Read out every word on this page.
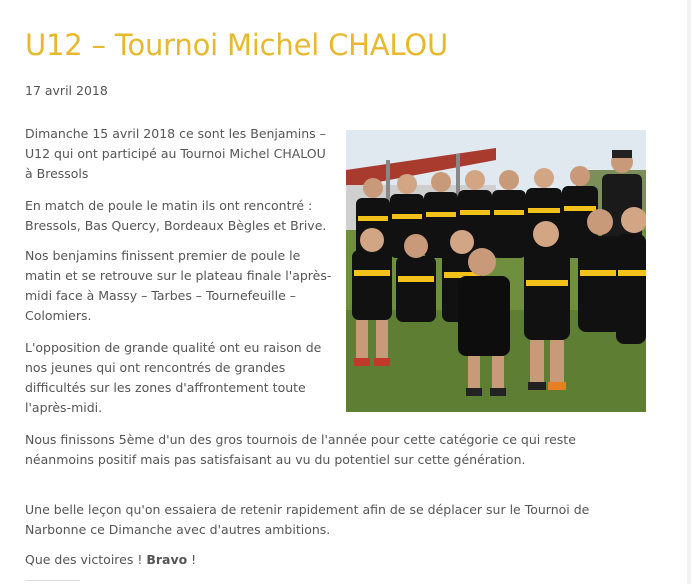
U12 – Tournoi Michel CHALOU
17 avril 2018

Dimanche 15 avril 2018 ce sont les Benjamins – U12 qui ont participé au Tournoi Michel CHALOU à Bressols

En match de poule le matin ils ont rencontré : Bressols, Bas Quercy, Bordeaux Bègles et Brive.

Nos benjamins finissent premier de poule le matin et se retrouve sur le plateau finale l'après-midi face à Massy – Tarbes – Tournefeuille – Colomiers.

L'opposition de grande qualité ont eu raison de nos jeunes qui ont rencontrés de grandes difficultés sur les zones d'affrontement toute l'après-midi.

Nous finissons 5ème d'un des gros tournois de l'année pour cette catégorie ce qui reste néanmoins positif mais pas satisfaisant au vu du potentiel sur cette génération.

Une belle leçon qu'on essaiera de retenir rapidement afin de se déplacer sur le Tournoi de Narbonne ce Dimanche avec d'autres ambitions.

Que des victoires ! Bravo !
